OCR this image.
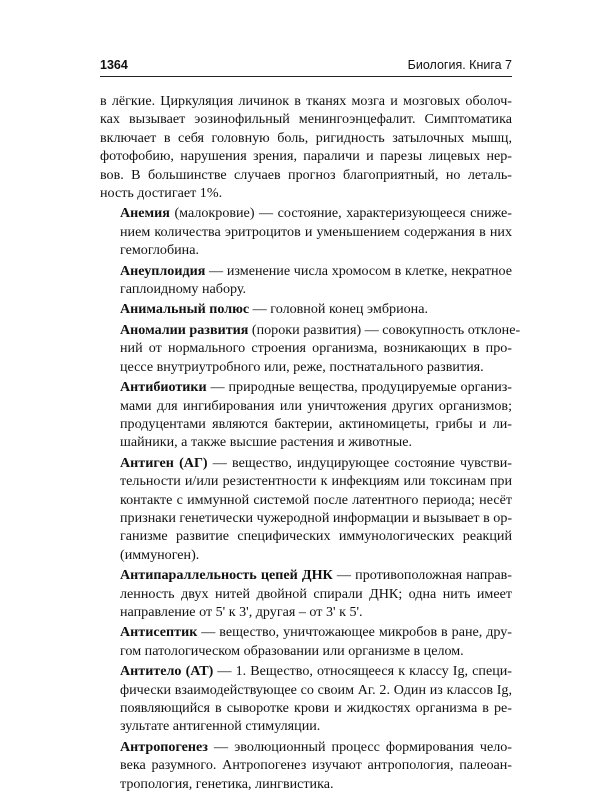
1364	Биология. Книга 7
в лёгкие. Циркуляция личинок в тканях мозга и мозговых оболоч-
ках вызывает эозинофильный менингоэнцефалит. Симптоматика
включает в себя головную боль, ригидность затылочных мышц,
фотофобию, нарушения зрения, параличи и парезы лицевых нер-
вов. В большинстве случаев прогноз благоприятный, но леталь-
ность достигает 1%.
Анемия (малокровие) — состояние, характеризующееся сниже-
нием количества эритроцитов и уменьшением содержания в них
гемоглобина.
Анеуплоидия — изменение числа хромосом в клетке, некратное
гаплоидному набору.
Анимальный полюс — головной конец эмбриона.
Аномалии развития (пороки развития) — совокупность отклоне-
ний от нормального строения организма, возникающих в про-
цессе внутриутробного или, реже, постнатального развития.
Антибиотики — природные вещества, продуцируемые организ-
мами для ингибирования или уничтожения других организмов;
продуцентами являются бактерии, актиномицеты, грибы и ли-
шайники, а также высшие растения и животные.
Антиген (АГ) — вещество, индуцирующее состояние чувстви-
тельности и/или резистентности к инфекциям или токсинам при
контакте с иммунной системой после латентного периода; несёт
признаки генетически чужеродной информации и вызывает в ор-
ганизме развитие специфических иммунологических реакций
(иммуноген).
Антипараллельность цепей ДНК — противоположная направ-
ленность двух нитей двойной спирали ДНК; одна нить имеет
направление от 5' к 3', другая – от 3' к 5'.
Антисептик — вещество, уничтожающее микробов в ране, дру-
гом патологическом образовании или организме в целом.
Антитело (АТ) — 1. Вещество, относящееся к классу Ig, специ-
фически взаимодействующее со своим Аг. 2. Один из классов Ig,
появляющийся в сыворотке крови и жидкостях организма в ре-
зультате антигенной стимуляции.
Антропогенез — эволюционный процесс формирования чело-
века разумного. Антропогенез изучают антропология, палеоан-
тропология, генетика, лингвистика.
